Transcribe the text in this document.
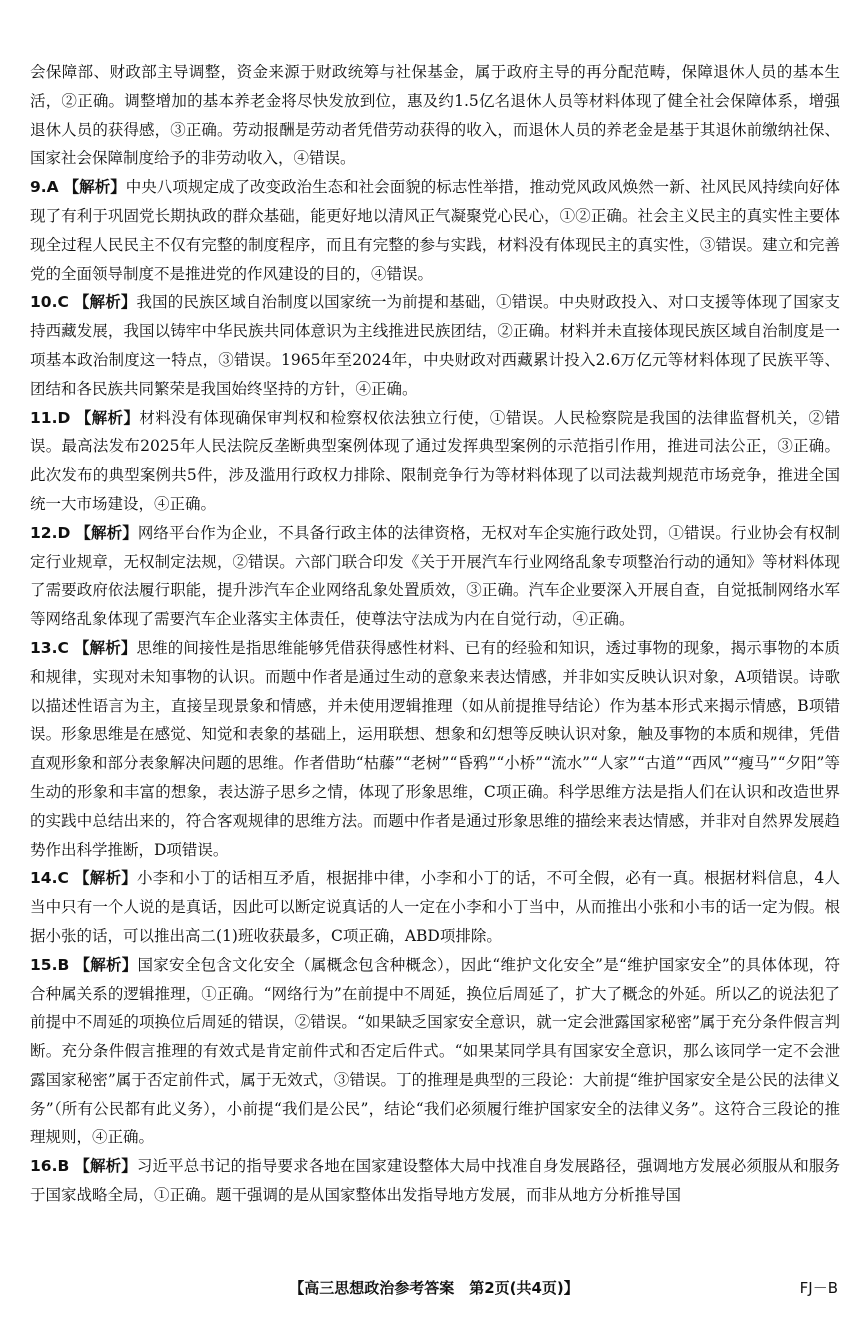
会保障部、财政部主导调整，资金来源于财政统筹与社保基金，属于政府主导的再分配范畴，保障退休人员的基本生活，②正确。调整增加的基本养老金将尽快发放到位，惠及约1.5亿名退休人员等材料体现了健全社会保障体系，增强退休人员的获得感，③正确。劳动报酬是劳动者凭借劳动获得的收入，而退休人员的养老金是基于其退休前缴纳社保、国家社会保障制度给予的非劳动收入，④错误。

9.A 【解析】中央八项规定成了改变政治生态和社会面貌的标志性举措，推动党风政风焕然一新、社风民风持续向好体现了有利于巩固党长期执政的群众基础，能更好地以清风正气凝聚党心民心，①②正确。社会主义民主的真实性主要体现全过程人民民主不仅有完整的制度程序，而且有完整的参与实践，材料没有体现民主的真实性，③错误。建立和完善党的全面领导制度不是推进党的作风建设的目的，④错误。

10.C 【解析】我国的民族区域自治制度以国家统一为前提和基础，①错误。中央财政投入、对口支援等体现了国家支持西藏发展，我国以铸牢中华民族共同体意识为主线推进民族团结，②正确。材料并未直接体现民族区域自治制度是一项基本政治制度这一特点，③错误。1965年至2024年，中央财政对西藏累计投入2.6万亿元等材料体现了民族平等、团结和各民族共同繁荣是我国始终坚持的方针，④正确。

11.D 【解析】材料没有体现确保审判权和检察权依法独立行使，①错误。人民检察院是我国的法律监督机关，②错误。最高法发布2025年人民法院反垄断典型案例体现了通过发挥典型案例的示范指引作用，推进司法公正，③正确。此次发布的典型案例共5件，涉及滥用行政权力排除、限制竞争行为等材料体现了以司法裁判规范市场竞争，推进全国统一大市场建设，④正确。

12.D 【解析】网络平台作为企业，不具备行政主体的法律资格，无权对车企实施行政处罚，①错误。行业协会有权制定行业规章，无权制定法规，②错误。六部门联合印发《关于开展汽车行业网络乱象专项整治行动的通知》等材料体现了需要政府依法履行职能，提升涉汽车企业网络乱象处置质效，③正确。汽车企业要深入开展自查，自觉抵制网络水军等网络乱象体现了需要汽车企业落实主体责任，使尊法守法成为内在自觉行动，④正确。

13.C 【解析】思维的间接性是指思维能够凭借获得感性材料、已有的经验和知识，透过事物的现象，揭示事物的本质和规律，实现对未知事物的认识。而题中作者是通过生动的意象来表达情感，并非如实反映认识对象，A项错误。诗歌以描述性语言为主，直接呈现景象和情感，并未使用逻辑推理（如从前提推导结论）作为基本形式来揭示情感，B项错误。形象思维是在感觉、知觉和表象的基础上，运用联想、想象和幻想等反映认识对象，触及事物的本质和规律，凭借直观形象和部分表象解决问题的思维。作者借助“枯藤”“老树”“昏鸦”“小桥”“流水”“人家”“古道”“西风”“瘦马”“夕阳”等生动的形象和丰富的想象，表达游子思乡之情，体现了形象思维，C项正确。科学思维方法是指人们在认识和改造世界的实践中总结出来的，符合客观规律的思维方法。而题中作者是通过形象思维的描绘来表达情感，并非对自然界发展趋势作出科学推断，D项错误。

14.C 【解析】小李和小丁的话相互矛盾，根据排中律，小李和小丁的话，不可全假，必有一真。根据材料信息，4人当中只有一个人说的是真话，因此可以断定说真话的人一定在小李和小丁当中，从而推出小张和小韦的话一定为假。根据小张的话，可以推出高二(1)班收获最多，C项正确，ABD项排除。

15.B 【解析】国家安全包含文化安全（属概念包含种概念），因此“维护文化安全”是“维护国家安全”的具体体现，符合种属关系的逻辑推理，①正确。“网络行为”在前提中不周延，换位后周延了，扩大了概念的外延。所以乙的说法犯了前提中不周延的项换位后周延的错误，②错误。“如果缺乏国家安全意识，就一定会泄露国家秘密”属于充分条件假言判断。充分条件假言推理的有效式是肯定前件式和否定后件式。“如果某同学具有国家安全意识，那么该同学一定不会泄露国家秘密”属于否定前件式，属于无效式，③错误。丁的推理是典型的三段论：大前提“维护国家安全是公民的法律义务”（所有公民都有此义务），小前提“我们是公民”，结论“我们必须履行维护国家安全的法律义务”。这符合三段论的推理规则，④正确。

16.B 【解析】习近平总书记的指导要求各地在国家建设整体大局中找准自身发展路径，强调地方发展必须服从和服务于国家战略全局，①正确。题干强调的是从国家整体出发指导地方发展，而非从地方分析推导国

【高三思想政治参考答案　第2页(共4页)】	FJ－B
